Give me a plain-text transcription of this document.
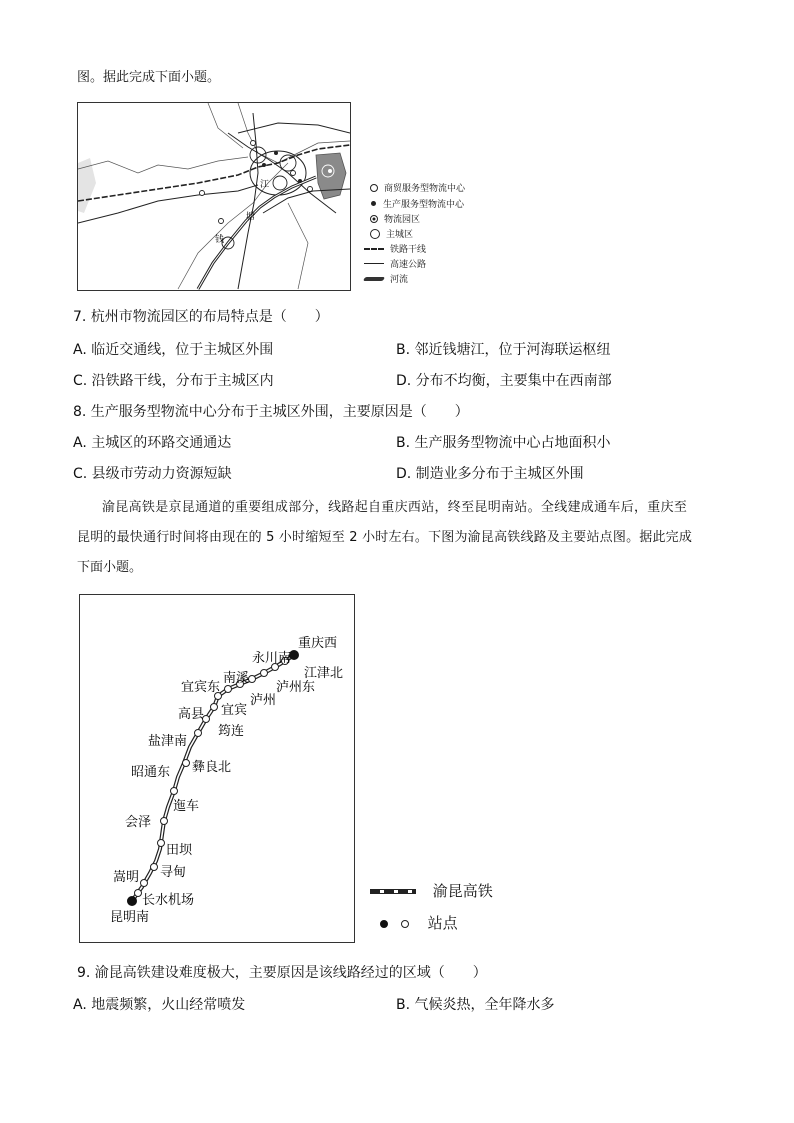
图。据此完成下面小题。
江
塘
钱
商贸服务型物流中心
生产服务型物流中心
物流园区
主城区
铁路干线
高速公路
河流
7. 杭州市物流园区的布局特点是（　　）
A. 临近交通线，位于主城区外围	B. 邻近钱塘江，位于河海联运枢纽
C. 沿铁路干线，分布于主城区内	D. 分布不均衡，主要集中在西南部
8. 生产服务型物流中心分布于主城区外围，主要原因是（　　）
A. 主城区的环路交通通达	B. 生产服务型物流中心占地面积小
C. 县级市劳动力资源短缺	D. 制造业多分布于主城区外围
渝昆高铁是京昆通道的重要组成部分，线路起自重庆西站，终至昆明南站。全线建成通车后，重庆至
昆明的最快通行时间将由现在的 5 小时缩短至 2 小时左右。下图为渝昆高铁线路及主要站点图。据此完成
下面小题。
重庆西
永川南
江津北
南溪
泸州东
宜宾东
泸州
宜宾
高县
筠连
盐津南
昭通东 彝良北
迤车
会泽
田坝
寻甸
嵩明
长水机场
昆明南
渝昆高铁
站点
9. 渝昆高铁建设难度极大，主要原因是该线路经过的区域（　　）
A. 地震频繁，火山经常喷发	B. 气候炎热，全年降水多
